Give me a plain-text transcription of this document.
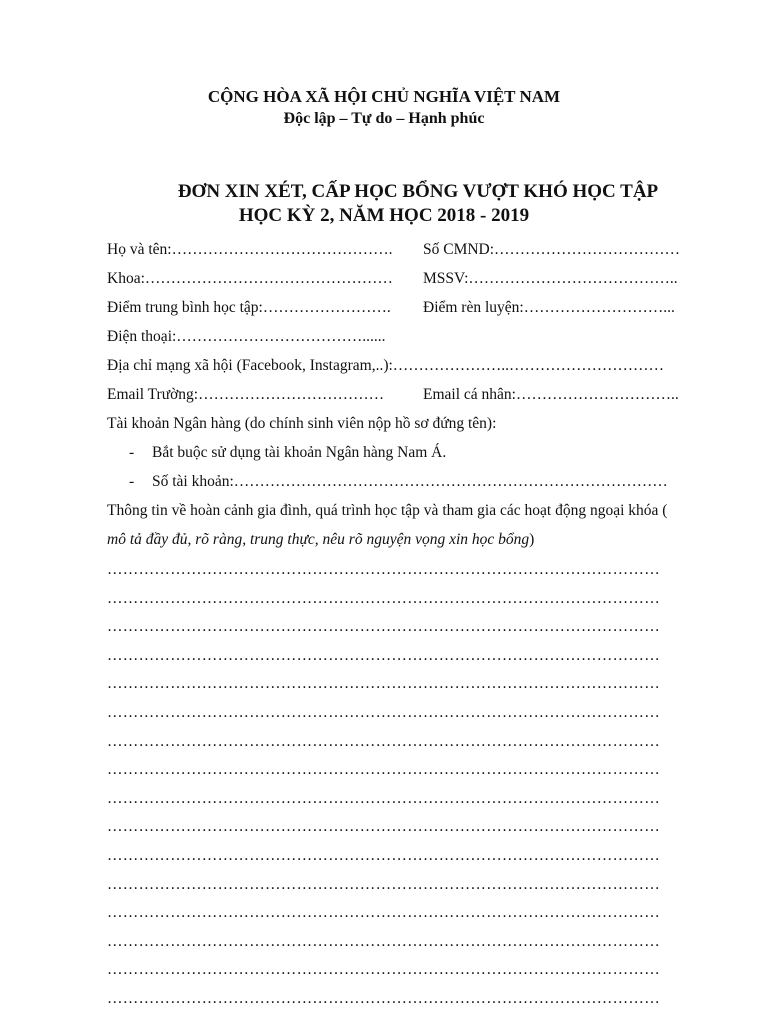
CỘNG HÒA XÃ HỘI CHỦ NGHĨA VIỆT NAM
Độc lập – Tự do – Hạnh phúc
ĐƠN XIN XÉT, CẤP HỌC BỔNG VƯỢT KHÓ HỌC TẬP
HỌC KỲ 2, NĂM HỌC 2018 - 2019
Họ và tên:……………………………………. Số CMND:………………………………
Khoa:………………………………………… MSSV:…………………………………..
Điểm trung bình học tập:……………………. Điểm rèn luyện:………………………...
Điện thoại:………………………………......
Địa chỉ mạng xã hội (Facebook, Instagram,..):…………………..…………………………
Email Trường:………………………………	Email cá nhân:…………………………..
Tài khoản Ngân hàng (do chính sinh viên nộp hồ sơ đứng tên):
- Bắt buộc sử dụng tài khoản Ngân hàng Nam Á.
- Số tài khoản:…………………………………………………………………………
Thông tin về hoàn cảnh gia đình, quá trình học tập và tham gia các hoạt động ngoại khóa (
mô tả đầy đủ, rõ ràng, trung thực, nêu rõ nguyện vọng xin học bổng)
……………………………………………………………………………………………
……………………………………………………………………………………………
……………………………………………………………………………………………
……………………………………………………………………………………………
……………………………………………………………………………………………
……………………………………………………………………………………………
……………………………………………………………………………………………
……………………………………………………………………………………………
……………………………………………………………………………………………
……………………………………………………………………………………………
……………………………………………………………………………………………
……………………………………………………………………………………………
……………………………………………………………………………………………
……………………………………………………………………………………………
……………………………………………………………………………………………
……………………………………………………………………………………………
